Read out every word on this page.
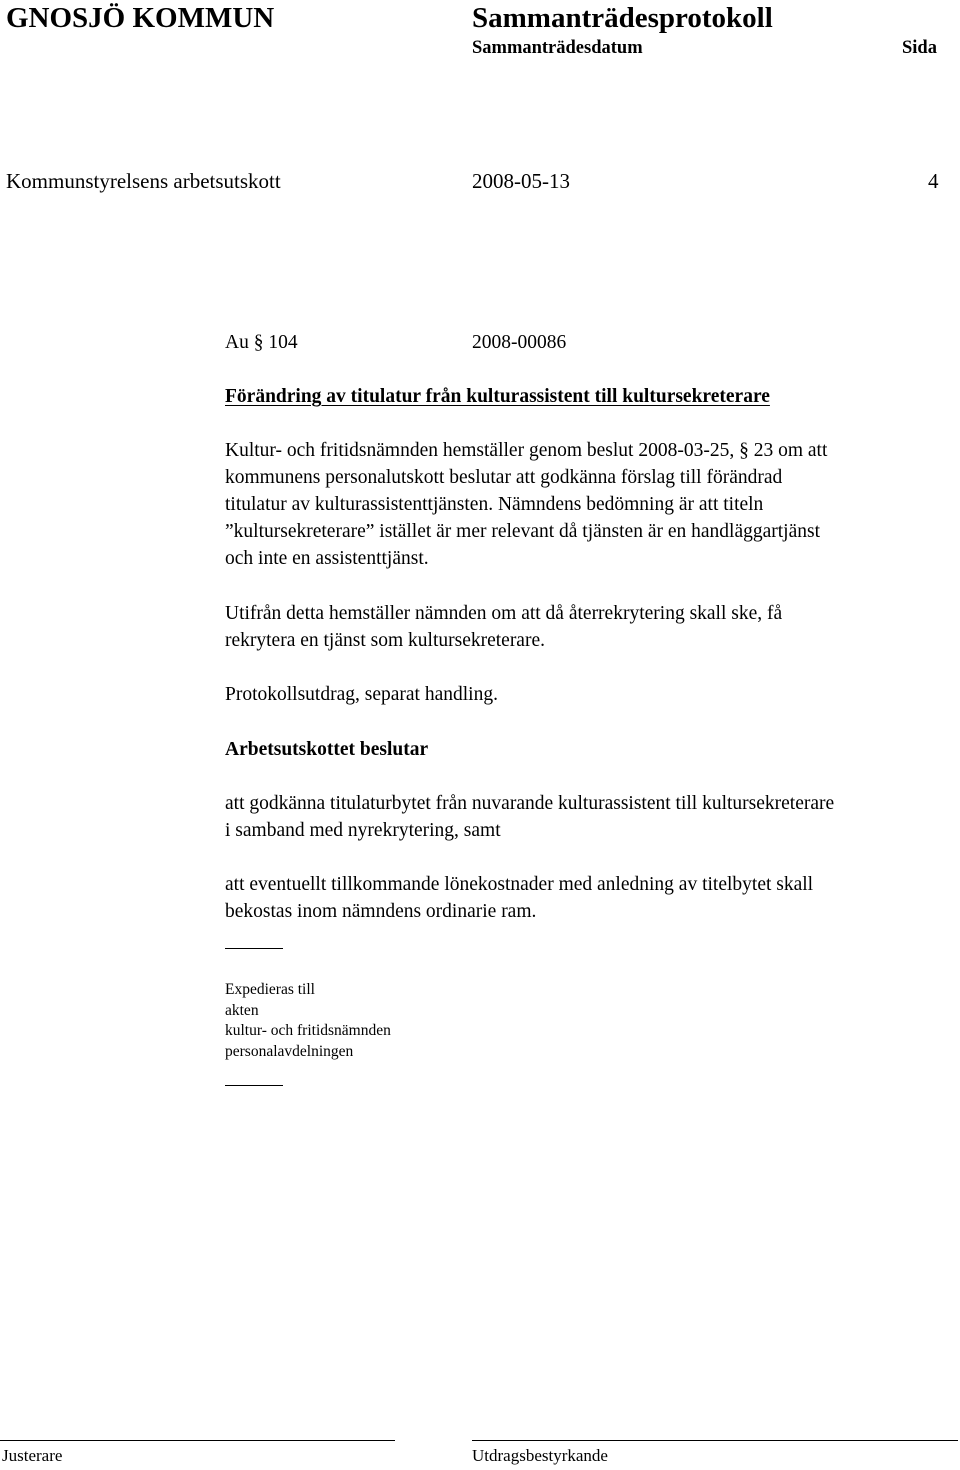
GNOSJÖ KOMMUN	Sammanträdesprotokoll
Sammanträdesdatum	Sida
Kommunstyrelsens arbetsutskott	2008-05-13	4
Au § 104	2008-00086
Förändring av titulatur från kulturassistent till kultursekreterare
Kultur- och fritidsnämnden hemställer genom beslut 2008-03-25, § 23 om att
kommunens personalutskott beslutar att godkänna förslag till förändrad
titulatur av kulturassistenttjänsten. Nämndens bedömning är att titeln
”kultursekreterare” istället är mer relevant då tjänsten är en handläggartjänst
och inte en assistenttjänst.
Utifrån detta hemställer nämnden om att då återrekrytering skall ske, få
rekrytera en tjänst som kultursekreterare.
Protokollsutdrag, separat handling.
Arbetsutskottet beslutar
att godkänna titulaturbytet från nuvarande kulturassistent till kultursekreterare
i samband med nyrekrytering, samt
att eventuellt tillkommande lönekostnader med anledning av titelbytet skall
bekostas inom nämndens ordinarie ram.
Expedieras till
akten
kultur- och fritidsnämnden
personalavdelningen
Justerare	Utdragsbestyrkande
